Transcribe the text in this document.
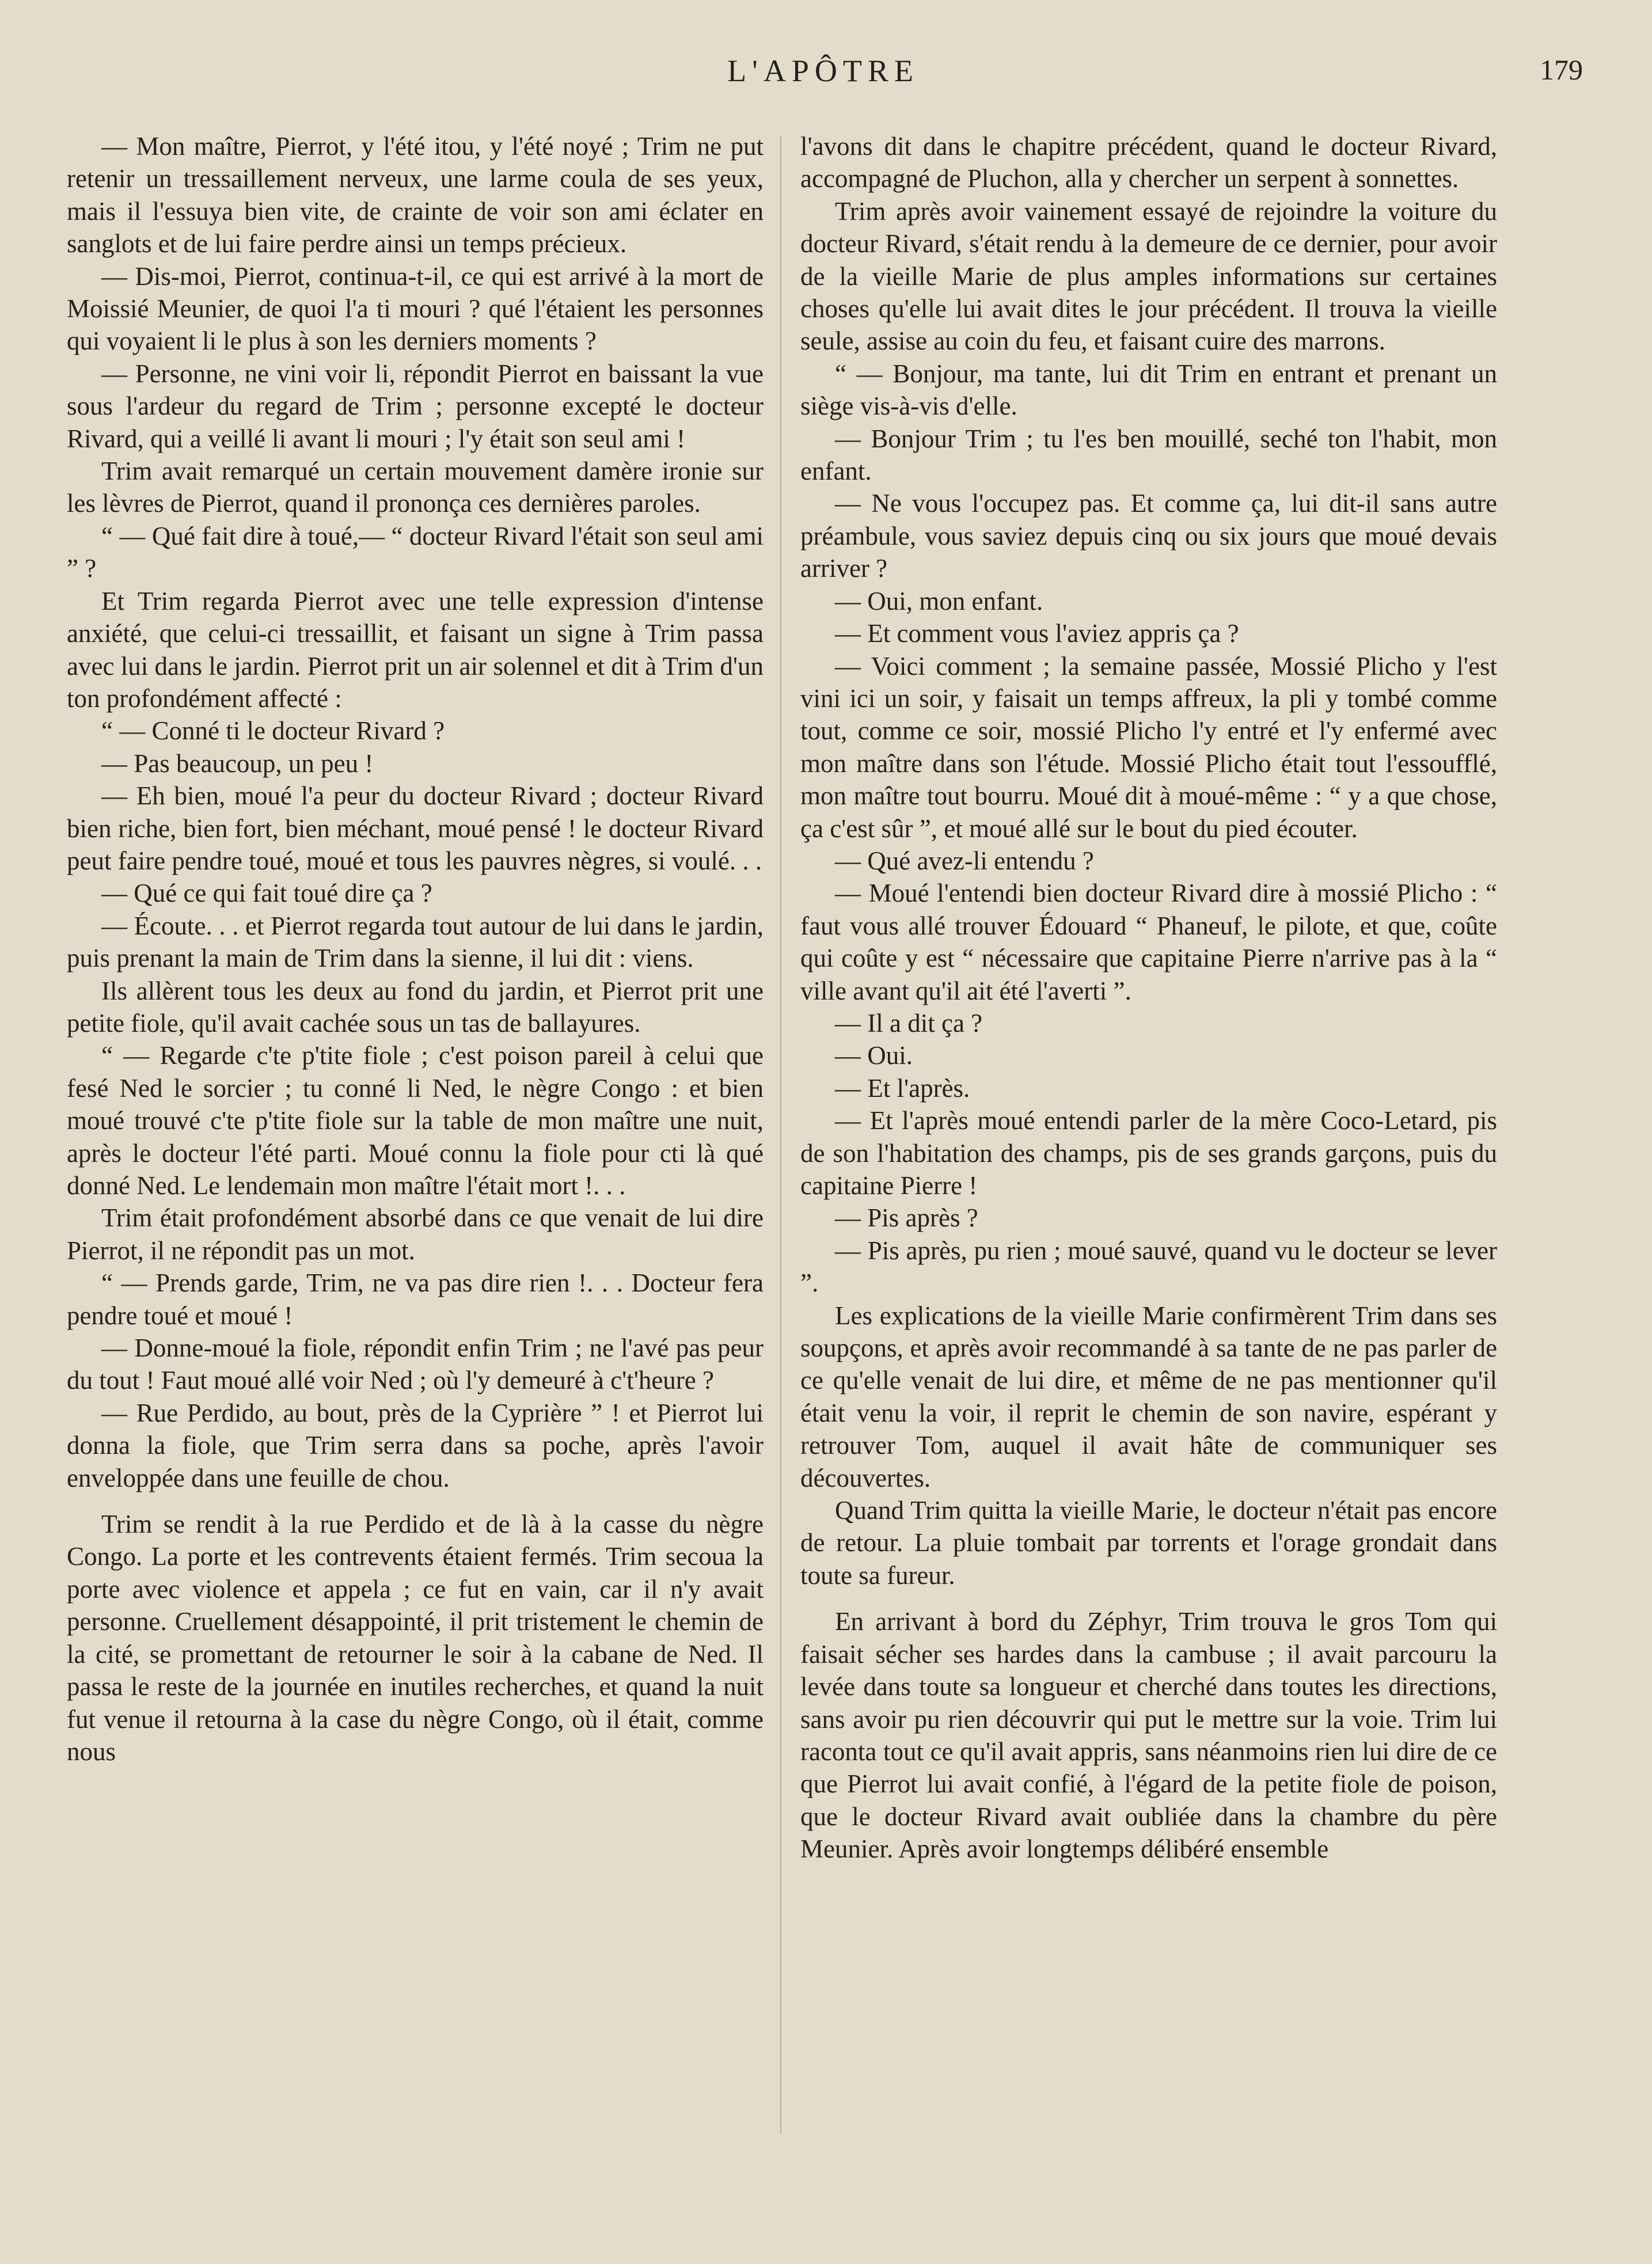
L'APÔTRE	179

— Mon maître, Pierrot, y l'été itou, y l'été noyé ; Trim ne put retenir un tressaillement nerveux, une larme coula de ses yeux, mais il l'essuya bien vite, de crainte de voir son ami éclater en sanglots et de lui faire perdre ainsi un temps précieux.

— Dis-moi, Pierrot, continua-t-il, ce qui est arrivé à la mort de Moissié Meunier, de quoi l'a ti mouri ? qué l'étaient les personnes qui voyaient li le plus à son les derniers moments ?

— Personne, ne vini voir li, répondit Pierrot en baissant la vue sous l'ardeur du regard de Trim ; personne excepté le docteur Rivard, qui a veillé li avant li mouri ; l'y était son seul ami !

Trim avait remarqué un certain mouvement damère ironie sur les lèvres de Pierrot, quand il prononça ces dernières paroles.

“ — Qué fait dire à toué,— “ docteur Rivard l'était son seul ami ” ?

Et Trim regarda Pierrot avec une telle expression d'intense anxiété, que celui-ci tressaillit, et faisant un signe à Trim passa avec lui dans le jardin. Pierrot prit un air solennel et dit à Trim d'un ton profondément affecté :

“ — Conné ti le docteur Rivard ?

— Pas beaucoup, un peu !

— Eh bien, moué l'a peur du docteur Rivard ; docteur Rivard bien riche, bien fort, bien méchant, moué pensé ! le docteur Rivard peut faire pendre toué, moué et tous les pauvres nègres, si voulé. . .

— Qué ce qui fait toué dire ça ?

— Écoute. . . et Pierrot regarda tout autour de lui dans le jardin, puis prenant la main de Trim dans la sienne, il lui dit : viens.

Ils allèrent tous les deux au fond du jardin, et Pierrot prit une petite fiole, qu'il avait cachée sous un tas de ballayures.

“ — Regarde c'te p'tite fiole ; c'est poison pareil à celui que fesé Ned le sorcier ; tu conné li Ned, le nègre Congo : et bien moué trouvé c'te p'tite fiole sur la table de mon maître une nuit, après le docteur l'été parti. Moué connu la fiole pour cti là qué donné Ned. Le lendemain mon maître l'était mort !. . .

Trim était profondément absorbé dans ce que venait de lui dire Pierrot, il ne répondit pas un mot.

“ — Prends garde, Trim, ne va pas dire rien !. . . Docteur fera pendre toué et moué !

— Donne-moué la fiole, répondit enfin Trim ; ne l'avé pas peur du tout ! Faut moué allé voir Ned ; où l'y demeuré à c't'heure ?

— Rue Perdido, au bout, près de la Cyprière ” ! et Pierrot lui donna la fiole, que Trim serra dans sa poche, après l'avoir enveloppée dans une feuille de chou.

Trim se rendit à la rue Perdido et de là à la casse du nègre Congo. La porte et les contrevents étaient fermés. Trim secoua la porte avec violence et appela ; ce fut en vain, car il n'y avait personne. Cruellement désappointé, il prit tristement le chemin de la cité, se promettant de retourner le soir à la cabane de Ned. Il passa le reste de la journée en inutiles recherches, et quand la nuit fut venue il retourna à la case du nègre Congo, où il était, comme nous

l'avons dit dans le chapitre précédent, quand le docteur Rivard, accompagné de Pluchon, alla y chercher un serpent à sonnettes.

Trim après avoir vainement essayé de rejoindre la voiture du docteur Rivard, s'était rendu à la demeure de ce dernier, pour avoir de la vieille Marie de plus amples informations sur certaines choses qu'elle lui avait dites le jour précédent. Il trouva la vieille seule, assise au coin du feu, et faisant cuire des marrons.

“ — Bonjour, ma tante, lui dit Trim en entrant et prenant un siège vis-à-vis d'elle.

— Bonjour Trim ; tu l'es ben mouillé, seché ton l'habit, mon enfant.

— Ne vous l'occupez pas. Et comme ça, lui dit-il sans autre préambule, vous saviez depuis cinq ou six jours que moué devais arriver ?

— Oui, mon enfant.

— Et comment vous l'aviez appris ça ?

— Voici comment ; la semaine passée, Mossié Plicho y l'est vini ici un soir, y faisait un temps affreux, la pli y tombé comme tout, comme ce soir, mossié Plicho l'y entré et l'y enfermé avec mon maître dans son l'étude. Mossié Plicho était tout l'essoufflé, mon maître tout bourru. Moué dit à moué-même : “ y a que chose, ça c'est sûr ”, et moué allé sur le bout du pied écouter.

— Qué avez-li entendu ?

— Moué l'entendi bien docteur Rivard dire à mossié Plicho : “ faut vous allé trouver Édouard “ Phaneuf, le pilote, et que, coûte qui coûte y est “ nécessaire que capitaine Pierre n'arrive pas à la “ ville avant qu'il ait été l'averti ”.

— Il a dit ça ?

— Oui.

— Et l'après.

— Et l'après moué entendi parler de la mère Coco-Letard, pis de son l'habitation des champs, pis de ses grands garçons, puis du capitaine Pierre !

— Pis après ?

— Pis après, pu rien ; moué sauvé, quand vu le docteur se lever ”.

Les explications de la vieille Marie confirmèrent Trim dans ses soupçons, et après avoir recommandé à sa tante de ne pas parler de ce qu'elle venait de lui dire, et même de ne pas mentionner qu'il était venu la voir, il reprit le chemin de son navire, espérant y retrouver Tom, auquel il avait hâte de communiquer ses découvertes.

Quand Trim quitta la vieille Marie, le docteur n'était pas encore de retour. La pluie tombait par torrents et l'orage grondait dans toute sa fureur.

En arrivant à bord du Zéphyr, Trim trouva le gros Tom qui faisait sécher ses hardes dans la cambuse ; il avait parcouru la levée dans toute sa longueur et cherché dans toutes les directions, sans avoir pu rien découvrir qui put le mettre sur la voie. Trim lui raconta tout ce qu'il avait appris, sans néanmoins rien lui dire de ce que Pierrot lui avait confié, à l'égard de la petite fiole de poison, que le docteur Rivard avait oubliée dans la chambre du père Meunier. Après avoir longtemps délibéré ensemble
